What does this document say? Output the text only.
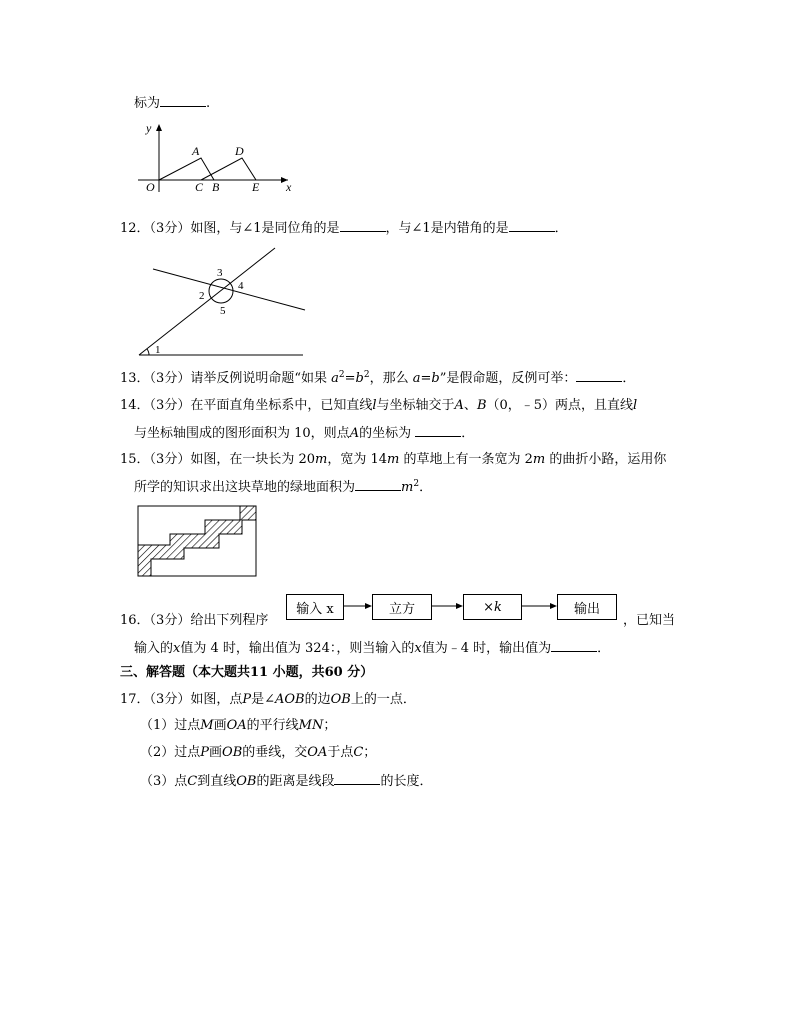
标为	.
y
x
O
A	D
C B	E
12．（3分）如图，与∠1是同位角的是	，与∠1是内错角的是	．
1
2
3
4
5
13．（3分）请举反例说明命题“如果 $a^2=b^2$，那么 a=b”是假命题，反例可举：	．
14．（3分）在平面直角坐标系中，已知直线l与坐标轴交于A、B（0，﹣5）两点，且直线l
与坐标轴围成的图形面积为 10，则点A的坐标为	．
15．（3分）如图，在一块长为 20m，宽为 14m 的草地上有一条宽为 2m 的曲折小路，运用你
所学的知识求出这块草地的绿地面积为	$m^2$．
16．（3分）给出下列程序
输入 x	立方	×k	输出
，已知当
输入的x值为 4 时，输出值为 324：，则当输入的x值为﹣4 时，输出值为	．
三、解答题（本大题共11 小题，共60 分）
17．（3分）如图，点P是∠AOB的边OB上的一点．
（1）过点M画OA的平行线MN；
（2）过点P画OB的垂线，交OA于点C；
（3）点C到直线OB的距离是线段	的长度．
